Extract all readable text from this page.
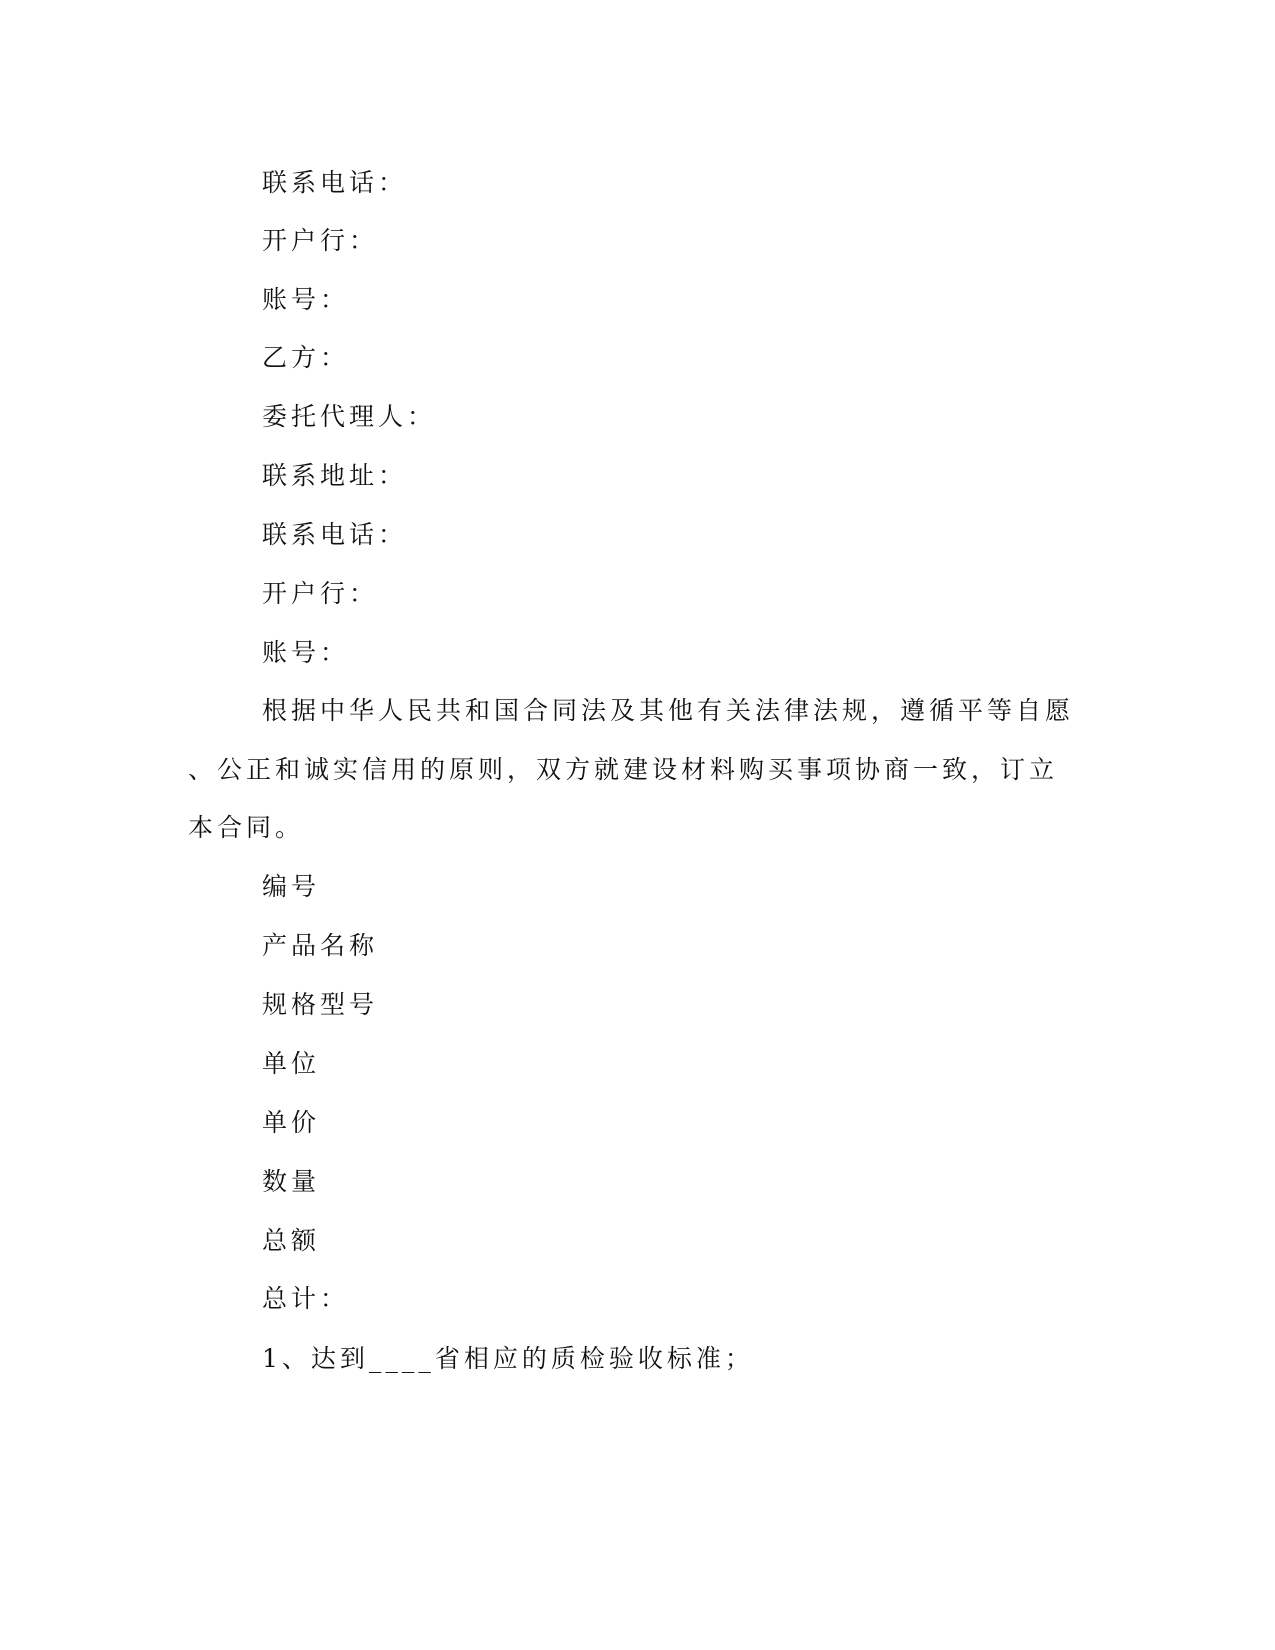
联系电话：
开户行：
账号：
乙方：
委托代理人：
联系地址：
联系电话：
开户行：
账号：
根据中华人民共和国合同法及其他有关法律法规，遵循平等自愿
、公正和诚实信用的原则，双方就建设材料购买事项协商一致，订立
本合同。
编号
产品名称
规格型号
单位
单价
数量
总额
总计：
1、达到____省相应的质检验收标准；
